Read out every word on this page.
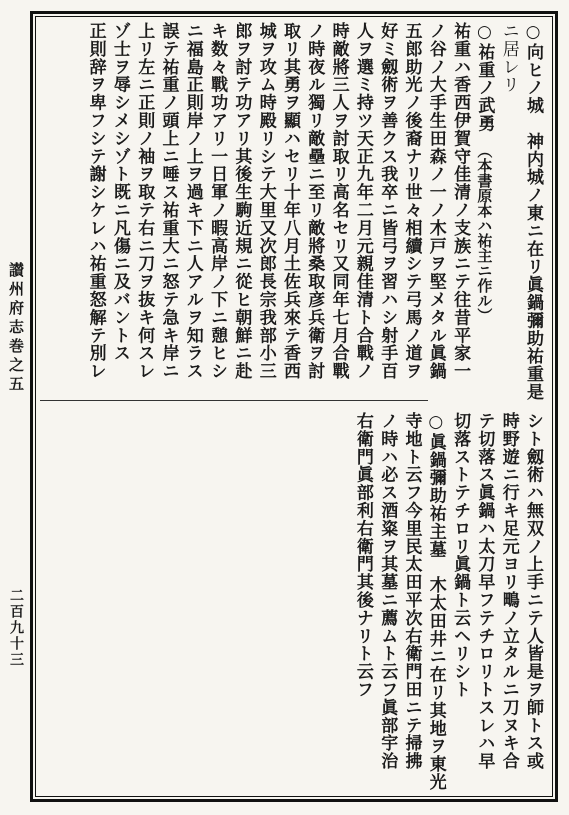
讃州府志巻之五
二百九十三
○向ヒノ城　神内城ノ東ニ在リ眞鍋彌助祐重是
ニ居レリ
○祐重ノ武勇　（本書原本ハ祐主ニ作ル）
祐重ハ香西伊賀守佳清ノ支族ニテ往昔平家一
ノ谷ノ大手生田森ノ一ノ木戸ヲ堅メタル眞鍋
五郎助光ノ後裔ナリ世々相續シテ弓馬ノ道ヲ
好ミ劔術ヲ善クス我卒ニ皆弓ヲ習ハシ射手百
人ヲ選ミ持ツ天正九年二月元親佳清ト合戰ノ
時敵將三人ヲ討取リ高名セリ又同年七月合戰
ノ時夜ル獨リ敵壘ニ至リ敵將桑取彦兵衛ヲ討
取リ其勇ヲ顯ハセリ十年八月土佐兵來テ香西
城ヲ攻ム時殿リシテ大里又次郎長宗我部小三
郎ヲ討テ功アリ其後生駒近規ニ從ヒ朝鮮ニ赴
キ数々戰功アリ一日軍ノ暇高岸ノ下ニ憩ヒシ
ニ福島正則岸ノ上ヲ過キ下ニ人アルヲ知ラス
誤テ祐重ノ頭上ニ唾ス祐重大ニ怒テ急キ岸ニ
上リ左ニ正則ノ袖ヲ取テ右ニ刀ヲ抜キ何スレ
ゾ士ヲ辱シメシゾト既ニ凡傷ニ及バントス
正則辞ヲ卑フシテ謝シケレハ祐重怒解テ別レ
シト劔術ハ無双ノ上手ニテ人皆是ヲ師トス或
時野遊ニ行キ足元ヨリ鴫ノ立タルニ刀ヌキ合
テ切落ス眞鍋ハ太刀早フテチロリトスレハ早
切落ストテチロリ眞鍋ト云ヘリシト
○眞鍋彌助祐主墓　木太田井ニ在リ其地ヲ東光
寺地ト云フ今里民太田平次右衛門田ニテ掃拂
ノ時ハ必ス酒粢ヲ其墓ニ薦ムト云フ眞部宇治
右衛門眞部利右衛門其後ナリト云フ
